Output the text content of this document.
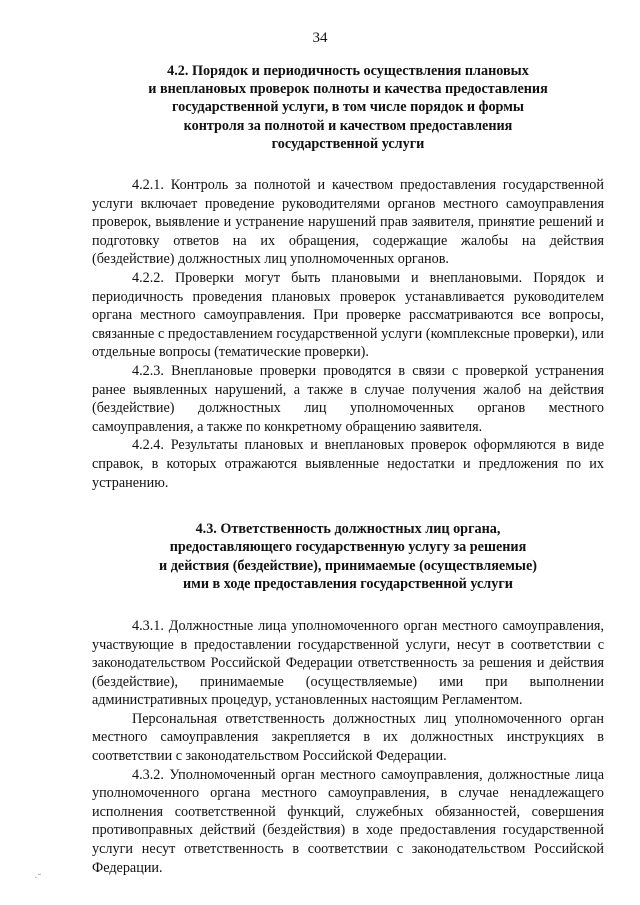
34
4.2. Порядок и периодичность осуществления плановых
и внеплановых проверок полноты и качества предоставления
государственной услуги, в том числе порядок и формы
контроля за полнотой и качеством предоставления
государственной услуги

4.2.1. Контроль за полнотой и качеством предоставления государственной услуги включает проведение руководителями органов местного самоуправления проверок, выявление и устранение нарушений прав заявителя, принятие решений и подготовку ответов на их обращения, содержащие жалобы на действия (бездействие) должностных лиц уполномоченных органов.

4.2.2. Проверки могут быть плановыми и внеплановыми. Порядок и периодичность проведения плановых проверок устанавливается руководителем органа местного самоуправления. При проверке рассматриваются все вопросы, связанные с предоставлением государственной услуги (комплексные проверки), или отдельные вопросы (тематические проверки).

4.2.3. Внеплановые проверки проводятся в связи с проверкой устранения ранее выявленных нарушений, а также в случае получения жалоб на действия (бездействие) должностных лиц уполномоченных органов местного самоуправления, а также по конкретному обращению заявителя.

4.2.4. Результаты плановых и внеплановых проверок оформляются в виде справок, в которых отражаются выявленные недостатки и предложения по их устранению.

4.3. Ответственность должностных лиц органа,
предоставляющего государственную услугу за решения
и действия (бездействие), принимаемые (осуществляемые)
ими в ходе предоставления государственной услуги

4.3.1. Должностные лица уполномоченного орган местного самоуправления, участвующие в предоставлении государственной услуги, несут в соответствии с законодательством Российской Федерации ответственность за решения и действия (бездействие), принимаемые (осуществляемые) ими при выполнении административных процедур, установленных настоящим Регламентом.

Персональная ответственность должностных лиц уполномоченного орган местного самоуправления закрепляется в их должностных инструкциях в соответствии с законодательством Российской Федерации.

4.3.2. Уполномоченный орган местного самоуправления, должностные лица уполномоченного органа местного самоуправления, в случае ненадлежащего исполнения соответственной функций, служебных обязанностей, совершения противоправных действий (бездействия) в ходе предоставления государственной услуги несут ответственность в соответствии с законодательством Российской Федерации.

·˘
